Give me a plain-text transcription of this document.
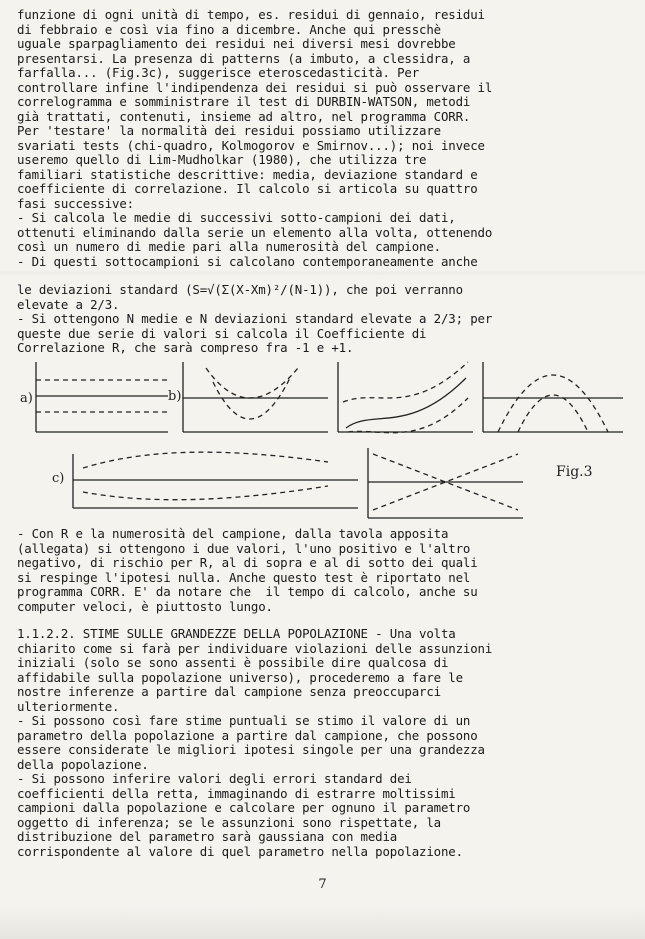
funzione di ogni unità di tempo, es. residui di gennaio, residui
di febbraio e così via fino a dicembre. Anche qui presschè
uguale sparpagliamento dei residui nei diversi mesi dovrebbe
presentarsi. La presenza di patterns (a imbuto, a clessidra, a
farfalla... (Fig.3c), suggerisce eteroscedasticità. Per
controllare infine l'indipendenza dei residui si può osservare il
correlogramma e somministrare il test di DURBIN-WATSON, metodi
già trattati, contenuti, insieme ad altro, nel programma CORR.
Per 'testare' la normalità dei residui possiamo utilizzare
svariati tests (chi-quadro, Kolmogorov e Smirnov...); noi invece
useremo quello di Lim-Mudholkar (1980), che utilizza tre
familiari statistiche descrittive: media, deviazione standard e
coefficiente di correlazione. Il calcolo si articola su quattro
fasi successive:
- Si calcola le medie di successivi sotto-campioni dei dati,
ottenuti eliminando dalla serie un elemento alla volta, ottenendo
così un numero di medie pari alla numerosità del campione.
- Di questi sottocampioni si calcolano contemporaneamente anche
le deviazioni standard (S=√(Σ(X-Xm)²/(N-1)), che poi verranno
elevate a 2/3.
- Si ottengono N medie e N deviazioni standard elevate a 2/3; per
queste due serie di valori si calcola il Coefficiente di
Correlazione R, che sarà compreso fra -1 e +1.
a)	b)
c)	Fig.3
- Con R e la numerosità del campione, dalla tavola apposita
(allegata) si ottengono i due valori, l'uno positivo e l'altro
negativo, di rischio per R, al di sopra e al di sotto dei quali
si respinge l'ipotesi nulla. Anche questo test è riportato nel
programma CORR. E' da notare che  il tempo di calcolo, anche su
computer veloci, è piuttosto lungo.
1.1.2.2. STIME SULLE GRANDEZZE DELLA POPOLAZIONE - Una volta
chiarito come si farà per individuare violazioni delle assunzioni
iniziali (solo se sono assenti è possibile dire qualcosa di
affidabile sulla popolazione universo), procederemo a fare le
nostre inferenze a partire dal campione senza preoccuparci
ulteriormente.
- Si possono così fare stime puntuali se stimo il valore di un
parametro della popolazione a partire dal campione, che possono
essere considerate le migliori ipotesi singole per una grandezza
della popolazione.
- Si possono inferire valori degli errori standard dei
coefficienti della retta, immaginando di estrarre moltissimi
campioni dalla popolazione e calcolare per ognuno il parametro
oggetto di inferenza; se le assunzioni sono rispettate, la
distribuzione del parametro sarà gaussiana con media
corrispondente al valore di quel parametro nella popolazione.
7
